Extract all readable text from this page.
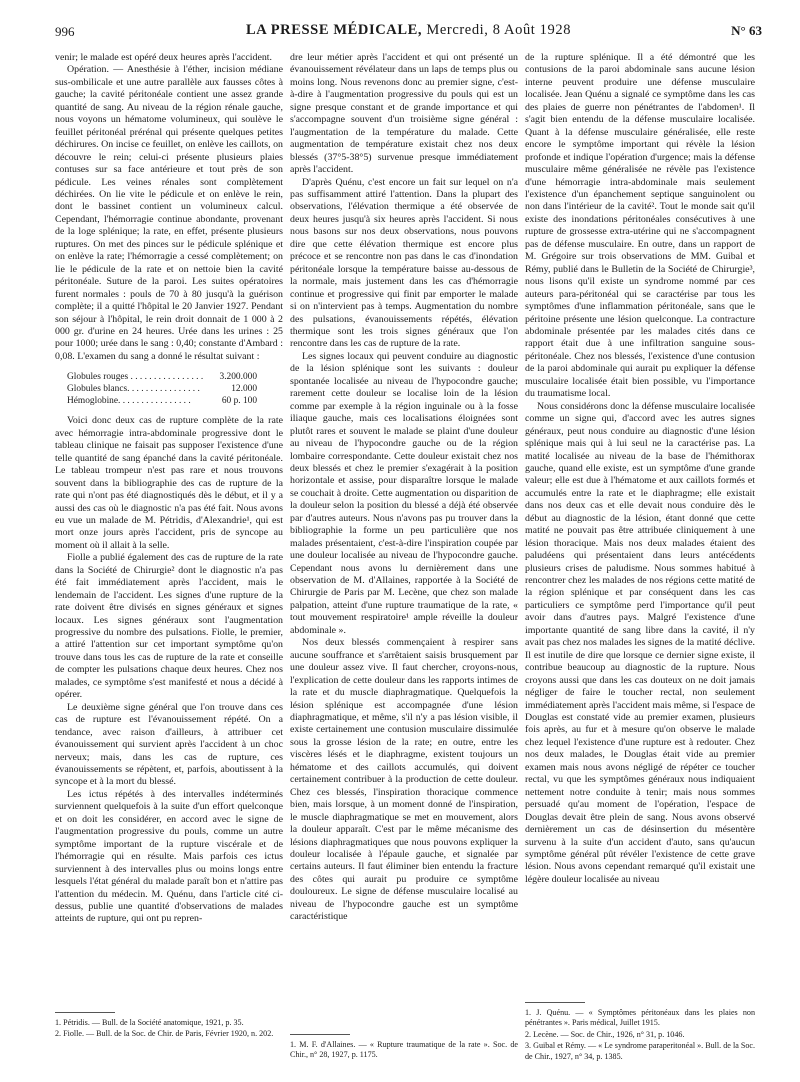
996	LA PRESSE MÉDICALE, Mercredi, 8 Août 1928	N° 63

venir; le malade est opéré deux heures après l'accident.

Opération. — Anesthésie à l'éther, incision médiane sus-ombilicale et une autre parallèle aux fausses côtes à gauche; la cavité péritonéale contient une assez grande quantité de sang. Au niveau de la région rénale gauche, nous voyons un hématome volumineux, qui soulève le feuillet péritonéal prérénal qui présente quelques petites déchirures. On incise ce feuillet, on enlève les caillots, on découvre le rein; celui-ci présente plusieurs plaies contuses sur sa face antérieure et tout près de son pédicule. Les veines rénales sont complètement déchirées. On lie vite le pédicule et on enlève le rein, dont le bassinet contient un volumineux calcul. Cependant, l'hémorragie continue abondante, provenant de la loge splénique; la rate, en effet, présente plusieurs ruptures. On met des pinces sur le pédicule splénique et on enlève la rate; l'hémorragie a cessé complètement; on lie le pédicule de la rate et on nettoie bien la cavité péritonéale. Suture de la paroi. Les suites opératoires furent normales : pouls de 70 à 80 jusqu'à la guérison complète; il a quitté l'hôpital le 20 Janvier 1927. Pendant son séjour à l'hôpital, le rein droit donnait de 1 000 à 2 000 gr. d'urine en 24 heures. Urée dans les urines : 25 pour 1000; urée dans le sang : 0,40; constante d'Ambard : 0,08. L'examen du sang a donné le résultat suivant :

Globules rouges . . . . . . . . . . . . . . . .	3.200.000
Globules blancs. . . . . . . . . . . . . . . .	12.000
Hémoglobine. . . . . . . . . . . . . . . .	60 p. 100

Voici donc deux cas de rupture complète de la rate avec hémorragie intra-abdominale progressive dont le tableau clinique ne faisait pas supposer l'existence d'une telle quantité de sang épanché dans la cavité péritonéale. Le tableau trompeur n'est pas rare et nous trouvons souvent dans la bibliographie des cas de rupture de la rate qui n'ont pas été diagnostiqués dès le début, et il y a aussi des cas où le diagnostic n'a pas été fait. Nous avons eu vue un malade de M. Pétridis, d'Alexandrie¹, qui est mort onze jours après l'accident, pris de syncope au moment où il allait à la selle.

Fiolle a publié également des cas de rupture de la rate dans la Société de Chirurgie² dont le diagnostic n'a pas été fait immédiatement après l'accident, mais le lendemain de l'accident. Les signes d'une rupture de la rate doivent être divisés en signes généraux et signes locaux. Les signes généraux sont l'augmentation progressive du nombre des pulsations. Fiolle, le premier, a attiré l'attention sur cet important symptôme qu'on trouve dans tous les cas de rupture de la rate et conseille de compter les pulsations chaque deux heures. Chez nos malades, ce symptôme s'est manifesté et nous a décidé à opérer.

Le deuxième signe général que l'on trouve dans ces cas de rupture est l'évanouissement répété. On a tendance, avec raison d'ailleurs, à attribuer cet évanouissement qui survient après l'accident à un choc nerveux; mais, dans les cas de rupture, ces évanouissements se répètent, et, parfois, aboutissent à la syncope et à la mort du blessé.

Les ictus répétés à des intervalles indéterminés surviennent quelquefois à la suite d'un effort quelconque et on doit les considérer, en accord avec le signe de l'augmentation progressive du pouls, comme un autre symptôme important de la rupture viscérale et de l'hémorragie qui en résulte. Mais parfois ces ictus surviennent à des intervalles plus ou moins longs entre lesquels l'état général du malade paraît bon et n'attire pas l'attention du médecin. M. Quénu, dans l'article cité ci-dessus, publie une quantité d'observations de malades atteints de rupture, qui ont pu repren-

dre leur métier après l'accident et qui ont présenté un évanouissement révélateur dans un laps de temps plus ou moins long. Nous revenons donc au premier signe, c'est-à-dire à l'augmentation progressive du pouls qui est un signe presque constant et de grande importance et qui s'accompagne souvent d'un troisième signe général : l'augmentation de la température du malade. Cette augmentation de température existait chez nos deux blessés (37°5-38°5) survenue presque immédiatement après l'accident.

D'après Quénu, c'est encore un fait sur lequel on n'a pas suffisamment attiré l'attention. Dans la plupart des observations, l'élévation thermique a été observée de deux heures jusqu'à six heures après l'accident. Si nous nous basons sur nos deux observations, nous pouvons dire que cette élévation thermique est encore plus précoce et se rencontre non pas dans le cas d'inondation péritonéale lorsque la température baisse au-dessous de la normale, mais justement dans les cas d'hémorragie continue et progressive qui finit par emporter le malade si on n'intervient pas à temps. Augmentation du nombre des pulsations, évanouissements répétés, élévation thermique sont les trois signes généraux que l'on rencontre dans les cas de rupture de la rate.

Les signes locaux qui peuvent conduire au diagnostic de la lésion splénique sont les suivants : douleur spontanée localisée au niveau de l'hypocondre gauche; rarement cette douleur se localise loin de la lésion comme par exemple à la région inguinale ou à la fosse iliaque gauche, mais ces localisations éloignées sont plutôt rares et souvent le malade se plaint d'une douleur au niveau de l'hypocondre gauche ou de la région lombaire correspondante. Cette douleur existait chez nos deux blessés et chez le premier s'exagérait à la position horizontale et assise, pour disparaître lorsque le malade se couchait à droite. Cette augmentation ou disparition de la douleur selon la position du blessé a déjà été observée par d'autres auteurs. Nous n'avons pas pu trouver dans la bibliographie la forme un peu particulière que nos malades présentaient, c'est-à-dire l'inspiration coupée par une douleur localisée au niveau de l'hypocondre gauche. Cependant nous avons lu dernièrement dans une observation de M. d'Allaines, rapportée à la Société de Chirurgie de Paris par M. Lecène, que chez son malade palpation, atteint d'une rupture traumatique de la rate, « tout mouvement respiratoire¹ ample réveille la douleur abdominale ».

Nos deux blessés commençaient à respirer sans aucune souffrance et s'arrêtaient saisis brusquement par une douleur assez vive. Il faut chercher, croyons-nous, l'explication de cette douleur dans les rapports intimes de la rate et du muscle diaphragmatique. Quelquefois la lésion splénique est accompagnée d'une lésion diaphragmatique, et même, s'il n'y a pas lésion visible, il existe certainement une contusion musculaire dissimulée sous la grosse lésion de la rate; en outre, entre les viscères lésés et le diaphragme, existent toujours un hématome et des caillots accumulés, qui doivent certainement contribuer à la production de cette douleur. Chez ces blessés, l'inspiration thoracique commence bien, mais lorsque, à un moment donné de l'inspiration, le muscle diaphragmatique se met en mouvement, alors la douleur apparaît. C'est par le même mécanisme des lésions diaphragmatiques que nous pouvons expliquer la douleur localisée à l'épaule gauche, et signalée par certains auteurs. Il faut éliminer bien entendu la fracture des côtes qui aurait pu produire ce symptôme douloureux. Le signe de défense musculaire localisé au niveau de l'hypocondre gauche est un symptôme caractéristique

de la rupture splénique. Il a été démontré que les contusions de la paroi abdominale sans aucune lésion interne peuvent produire une défense musculaire localisée. Jean Quénu a signalé ce symptôme dans les cas des plaies de guerre non pénétrantes de l'abdomen¹. Il s'agit bien entendu de la défense musculaire localisée. Quant à la défense musculaire généralisée, elle reste encore le symptôme important qui révèle la lésion profonde et indique l'opération d'urgence; mais la défense musculaire même généralisée ne révèle pas l'existence d'une hémorragie intra-abdominale mais seulement l'existence d'un épanchement septique sanguinolent ou non dans l'intérieur de la cavité². Tout le monde sait qu'il existe des inondations péritonéales consécutives à une rupture de grossesse extra-utérine qui ne s'accompagnent pas de défense musculaire. En outre, dans un rapport de M. Grégoire sur trois observations de MM. Guibal et Rémy, publié dans le Bulletin de la Société de Chirurgie³, nous lisons qu'il existe un syndrome nommé par ces auteurs para-péritonéal qui se caractérise par tous les symptômes d'une inflammation péritonéale, sans que le péritoine présente une lésion quelconque. La contracture abdominale présentée par les malades cités dans ce rapport était due à une infiltration sanguine sous-péritonéale. Chez nos blessés, l'existence d'une contusion de la paroi abdominale qui aurait pu expliquer la défense musculaire localisée était bien possible, vu l'importance du traumatisme local.

Nous considérons donc la défense musculaire localisée comme un signe qui, d'accord avec les autres signes généraux, peut nous conduire au diagnostic d'une lésion splénique mais qui à lui seul ne la caractérise pas. La matité localisée au niveau de la base de l'hémithorax gauche, quand elle existe, est un symptôme d'une grande valeur; elle est due à l'hématome et aux caillots formés et accumulés entre la rate et le diaphragme; elle existait dans nos deux cas et elle devait nous conduire dès le début au diagnostic de la lésion, étant donné que cette matité ne pouvait pas être attribuée cliniquement à une lésion thoracique. Mais nos deux malades étaient des paludéens qui présentaient dans leurs antécédents plusieurs crises de paludisme. Nous sommes habitué à rencontrer chez les malades de nos régions cette matité de la région splénique et par conséquent dans les cas particuliers ce symptôme perd l'importance qu'il peut avoir dans d'autres pays. Malgré l'existence d'une importante quantité de sang libre dans la cavité, il n'y avait pas chez nos malades les signes de la matité déclive. Il est inutile de dire que lorsque ce dernier signe existe, il contribue beaucoup au diagnostic de la rupture. Nous croyons aussi que dans les cas douteux on ne doit jamais négliger de faire le toucher rectal, non seulement immédiatement après l'accident mais même, si l'espace de Douglas est constaté vide au premier examen, plusieurs fois après, au fur et à mesure qu'on observe le malade chez lequel l'existence d'une rupture est à redouter. Chez nos deux malades, le Douglas était vide au premier examen mais nous avons négligé de répéter ce toucher rectal, vu que les symptômes généraux nous indiquaient nettement notre conduite à tenir; mais nous sommes persuadé qu'au moment de l'opération, l'espace de Douglas devait être plein de sang. Nous avons observé dernièrement un cas de désinsertion du mésentère survenu à la suite d'un accident d'auto, sans qu'aucun symptôme général pût révéler l'existence de cette grave lésion. Nous avons cependant remarqué qu'il existait une légère douleur localisée au niveau

1. Pétridis. — Bull. de la Société anatomique, 1921, p. 35.

2. Fiolle. — Bull. de la Soc. de Chir. de Paris, Février 1920, n. 202.

1. M. F. d'Allaines. — « Rupture traumatique de la rate ». Soc. de Chir., n° 28, 1927, p. 1175.

1. J. Quénu. — « Symptômes péritonéaux dans les plaies non pénétrantes ». Paris médical, Juillet 1915.

2. Lecène. — Soc. de Chir., 1926, n° 31, p. 1046.

3. Guibal et Rémy. — « Le syndrome paraperitonéal ». Bull. de la Soc. de Chir., 1927, n° 34, p. 1385.
